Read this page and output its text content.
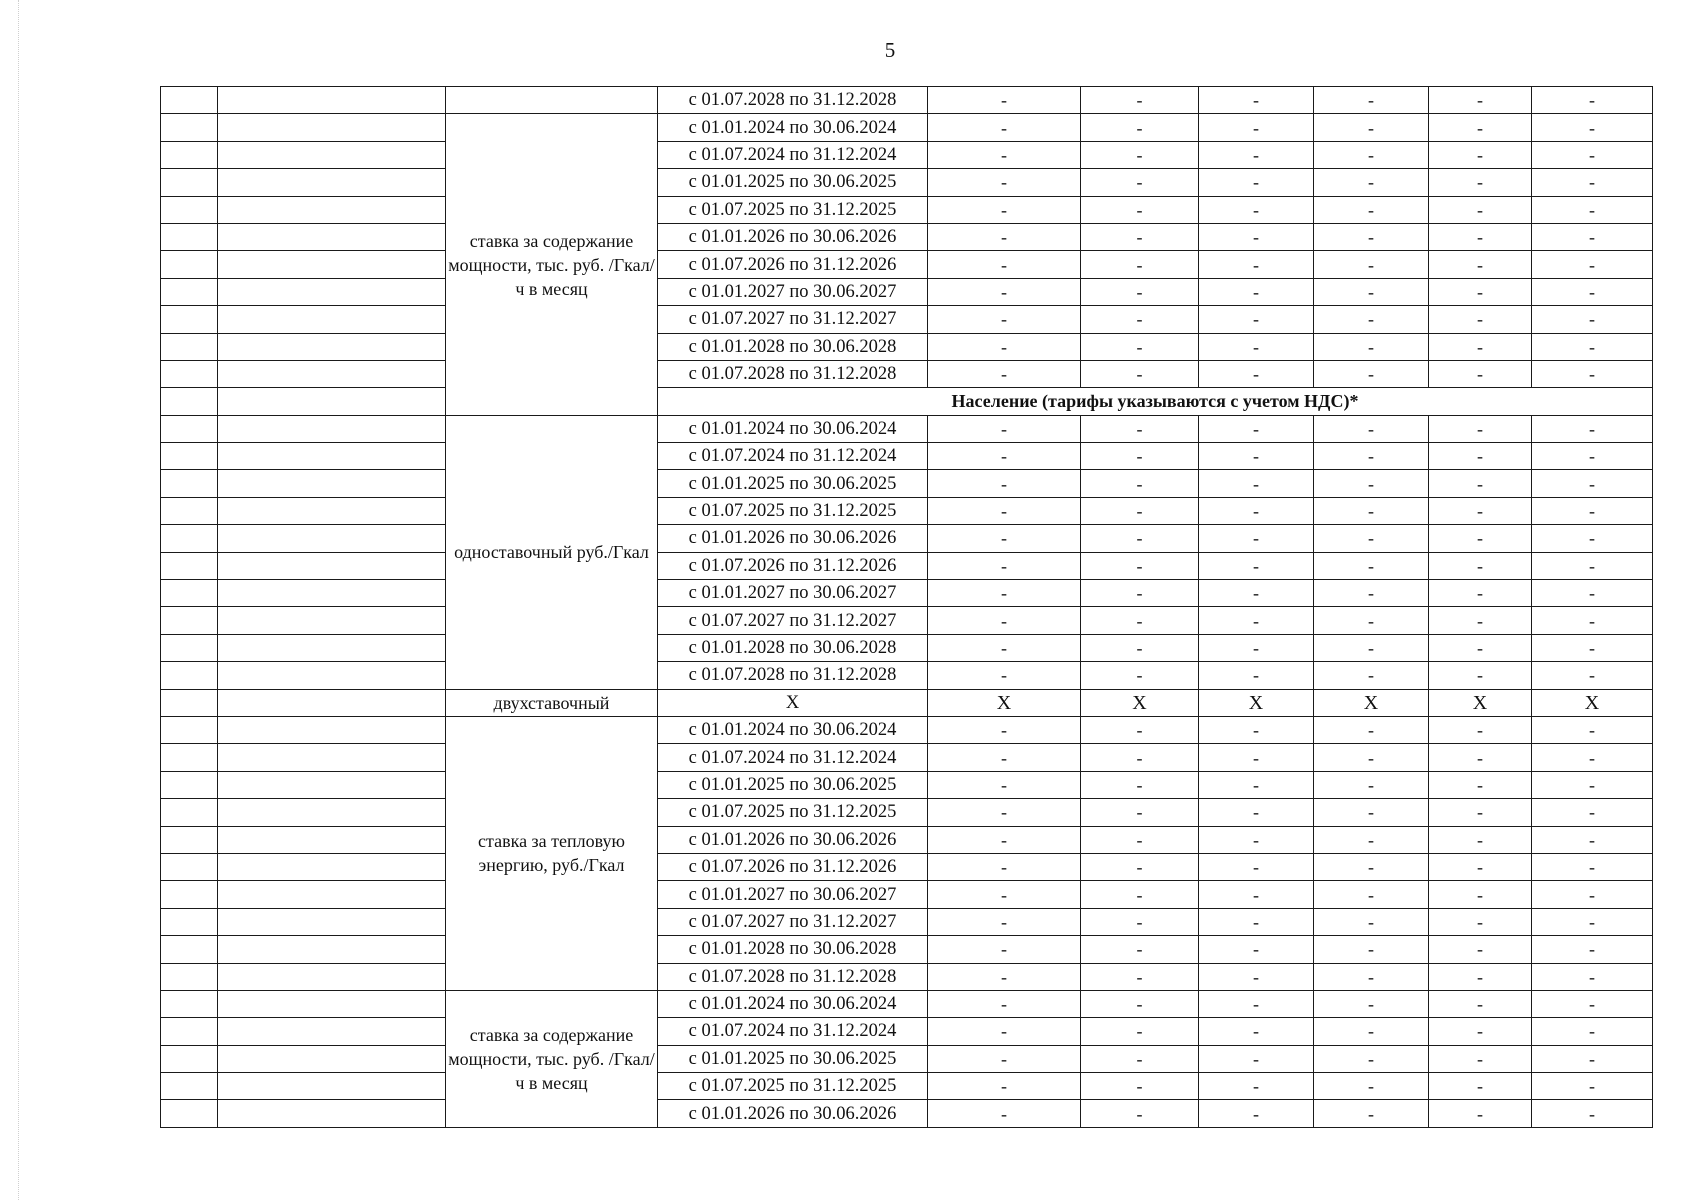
5
			с 01.07.2028 по 31.12.2028	-	-	-	-	-	-
		ставка за содержание мощности, тыс. руб. /Гкал/ч в месяц	с 01.01.2024 по 30.06.2024	-	-	-	-	-	-
			с 01.07.2024 по 31.12.2024	-	-	-	-	-	-
			с 01.01.2025 по 30.06.2025	-	-	-	-	-	-
			с 01.07.2025 по 31.12.2025	-	-	-	-	-	-
			с 01.01.2026 по 30.06.2026	-	-	-	-	-	-
			с 01.07.2026 по 31.12.2026	-	-	-	-	-	-
			с 01.01.2027 по 30.06.2027	-	-	-	-	-	-
			с 01.07.2027 по 31.12.2027	-	-	-	-	-	-
			с 01.01.2028 по 30.06.2028	-	-	-	-	-	-
			с 01.07.2028 по 31.12.2028	-	-	-	-	-	-
			Население (тарифы указываются с учетом НДС)*						
		одноставочный руб./Гкал	с 01.01.2024 по 30.06.2024	-	-	-	-	-	-
			с 01.07.2024 по 31.12.2024	-	-	-	-	-	-
			с 01.01.2025 по 30.06.2025	-	-	-	-	-	-
			с 01.07.2025 по 31.12.2025	-	-	-	-	-	-
			с 01.01.2026 по 30.06.2026	-	-	-	-	-	-
			с 01.07.2026 по 31.12.2026	-	-	-	-	-	-
			с 01.01.2027 по 30.06.2027	-	-	-	-	-	-
			с 01.07.2027 по 31.12.2027	-	-	-	-	-	-
			с 01.01.2028 по 30.06.2028	-	-	-	-	-	-
			с 01.07.2028 по 31.12.2028	-	-	-	-	-	-
		двухставочный	X	X	X	X	X	X	X
		ставка за тепловую энергию, руб./Гкал	с 01.01.2024 по 30.06.2024	-	-	-	-	-	-
			с 01.07.2024 по 31.12.2024	-	-	-	-	-	-
			с 01.01.2025 по 30.06.2025	-	-	-	-	-	-
			с 01.07.2025 по 31.12.2025	-	-	-	-	-	-
			с 01.01.2026 по 30.06.2026	-	-	-	-	-	-
			с 01.07.2026 по 31.12.2026	-	-	-	-	-	-
			с 01.01.2027 по 30.06.2027	-	-	-	-	-	-
			с 01.07.2027 по 31.12.2027	-	-	-	-	-	-
			с 01.01.2028 по 30.06.2028	-	-	-	-	-	-
			с 01.07.2028 по 31.12.2028	-	-	-	-	-	-
		ставка за содержание мощности, тыс. руб. /Гкал/ч в месяц	с 01.01.2024 по 30.06.2024	-	-	-	-	-	-
			с 01.07.2024 по 31.12.2024	-	-	-	-	-	-
			с 01.01.2025 по 30.06.2025	-	-	-	-	-	-
			с 01.07.2025 по 31.12.2025	-	-	-	-	-	-
			с 01.01.2026 по 30.06.2026	-	-	-	-	-	-
